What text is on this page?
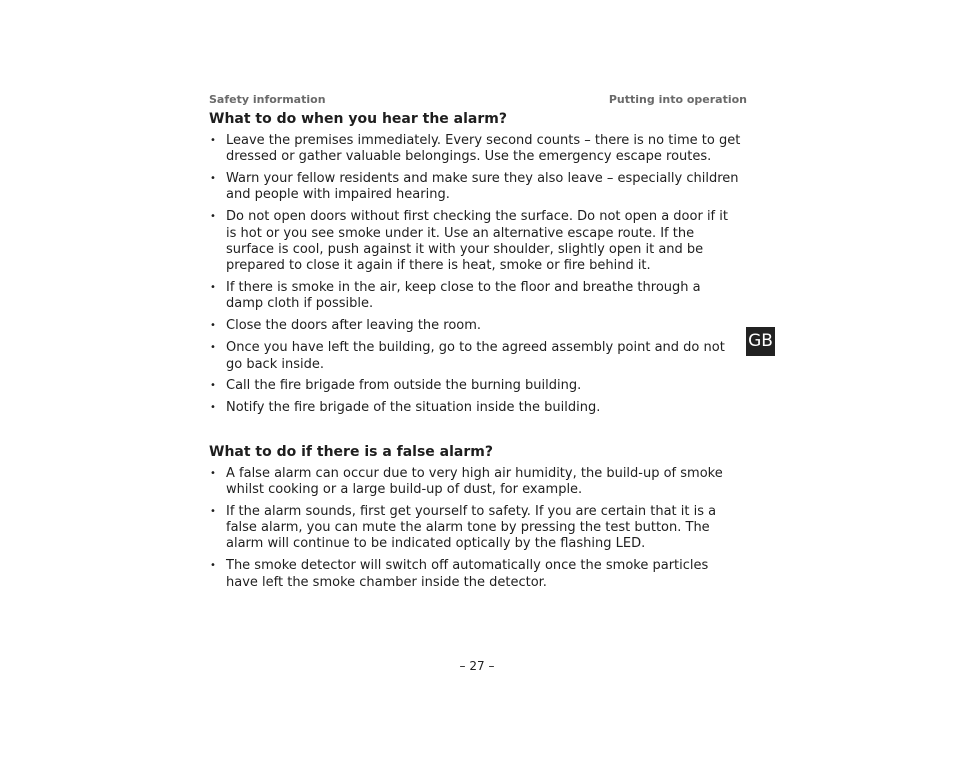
Safety information	Putting into operation
What to do when you hear the alarm?
• Leave the premises immediately. Every second counts – there is no time to get dressed or gather valuable belongings. Use the emergency escape routes.
• Warn your fellow residents and make sure they also leave – especially children and people with impaired hearing.
• Do not open doors without first checking the surface. Do not open a door if it is hot or you see smoke under it. Use an alternative escape route. If the surface is cool, push against it with your shoulder, slightly open it and be prepared to close it again if there is heat, smoke or fire behind it.
• If there is smoke in the air, keep close to the floor and breathe through a damp cloth if possible.
• Close the doors after leaving the room.
• Once you have left the building, go to the agreed assembly point and do not go back inside.
• Call the fire brigade from outside the burning building.
• Notify the fire brigade of the situation inside the building.
What to do if there is a false alarm?
• A false alarm can occur due to very high air humidity, the build-up of smoke whilst cooking or a large build-up of dust, for example.
• If the alarm sounds, first get yourself to safety. If you are certain that it is a false alarm, you can mute the alarm tone by pressing the test button. The alarm will continue to be indicated optically by the flashing LED.
• The smoke detector will switch off automatically once the smoke particles have left the smoke chamber inside the detector.
GB
– 27 –
